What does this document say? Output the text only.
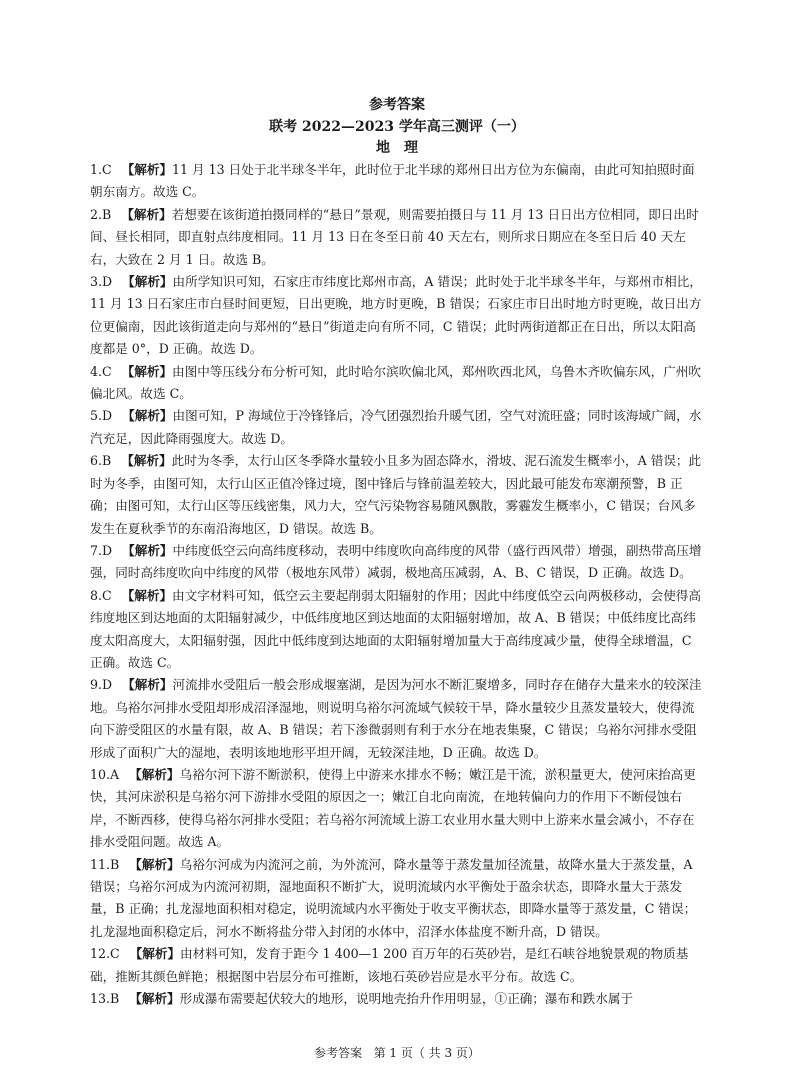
参考答案
联考 2022—2023 学年高三测评（一）
地理

1.C 【解析】11 月 13 日处于北半球冬半年，此时位于北半球的郑州日出方位为东偏南，由此可知拍照时面朝东南方。故选 C。

2.B 【解析】若想要在该街道拍摄同样的“悬日”景观，则需要拍摄日与 11 月 13 日日出方位相同，即日出时间、昼长相同，即直射点纬度相同。11 月 13 日在冬至日前 40 天左右，则所求日期应在冬至日后 40 天左右，大致在 2 月 1 日。故选 B。

3.D 【解析】由所学知识可知，石家庄市纬度比郑州市高，A 错误；此时处于北半球冬半年，与郑州市相比，11 月 13 日石家庄市白昼时间更短，日出更晚，地方时更晚，B 错误；石家庄市日出时地方时更晚，故日出方位更偏南，因此该街道走向与郑州的“悬日”街道走向有所不同，C 错误；此时两街道都正在日出，所以太阳高度都是 0°，D 正确。故选 D。

4.C 【解析】由图中等压线分布分析可知，此时哈尔滨吹偏北风，郑州吹西北风，乌鲁木齐吹偏东风，广州吹偏北风。故选 C。

5.D 【解析】由图可知，P 海域位于冷锋锋后，冷气团强烈抬升暖气团，空气对流旺盛；同时该海域广阔，水汽充足，因此降雨强度大。故选 D。

6.B 【解析】此时为冬季，太行山区冬季降水量较小且多为固态降水，滑坡、泥石流发生概率小，A 错误；此时为冬季，由图可知，太行山区正值冷锋过境，图中锋后与锋前温差较大，因此最可能发布寒潮预警，B 正确；由图可知，太行山区等压线密集，风力大，空气污染物容易随风飘散，雾霾发生概率小，C 错误；台风多发生在夏秋季节的东南沿海地区，D 错误。故选 B。

7.D 【解析】中纬度低空云向高纬度移动，表明中纬度吹向高纬度的风带（盛行西风带）增强，副热带高压增强，同时高纬度吹向中纬度的风带（极地东风带）减弱，极地高压减弱，A、B、C 错误，D 正确。故选 D。

8.C 【解析】由文字材料可知，低空云主要起削弱太阳辐射的作用；因此中纬度低空云向两极移动，会使得高纬度地区到达地面的太阳辐射减少，中低纬度地区到达地面的太阳辐射增加，故 A、B 错误；中低纬度比高纬度太阳高度大，太阳辐射强，因此中低纬度到达地面的太阳辐射增加量大于高纬度减少量，使得全球增温，C 正确。故选 C。

9.D 【解析】河流排水受阻后一般会形成堰塞湖，是因为河水不断汇聚增多，同时存在储存大量来水的较深洼地。乌裕尔河排水受阻却形成沼泽湿地，则说明乌裕尔河流域气候较干旱，降水量较少且蒸发量较大，使得流向下游受阻区的水量有限，故 A、B 错误；若下渗微弱则有利于水分在地表集聚，C 错误；乌裕尔河排水受阻形成了面积广大的湿地，表明该地地形平坦开阔，无较深洼地，D 正确。故选 D。

10.A 【解析】乌裕尔河下游不断淤积，使得上中游来水排水不畅；嫩江是干流，淤积量更大，使河床抬高更快，其河床淤积是乌裕尔河下游排水受阻的原因之一；嫩江自北向南流，在地转偏向力的作用下不断侵蚀右岸，不断西移，使得乌裕尔河排水受阻；若乌裕尔河流域上游工农业用水量大则中上游来水量会减小，不存在排水受阻问题。故选 A。

11.B 【解析】乌裕尔河成为内流河之前，为外流河，降水量等于蒸发量加径流量，故降水量大于蒸发量，A 错误；乌裕尔河成为内流河初期，湿地面积不断扩大，说明流域内水平衡处于盈余状态，即降水量大于蒸发量，B 正确；扎龙湿地面积相对稳定，说明流域内水平衡处于收支平衡状态，即降水量等于蒸发量，C 错误；扎龙湿地面积稳定后，河水不断将盐分带入封闭的水体中，沼泽水体盐度不断升高，D 错误。

12.C 【解析】由材料可知，发育于距今 1 400—1 200 百万年的石英砂岩，是红石峡谷地貌景观的物质基础，推断其颜色鲜艳；根据图中岩层分布可推断，该地石英砂岩应是水平分布。故选 C。

13.B 【解析】形成瀑布需要起伏较大的地形，说明地壳抬升作用明显，①正确；瀑布和跌水属于

参考答案 第 1 页（ 共 3 页）
